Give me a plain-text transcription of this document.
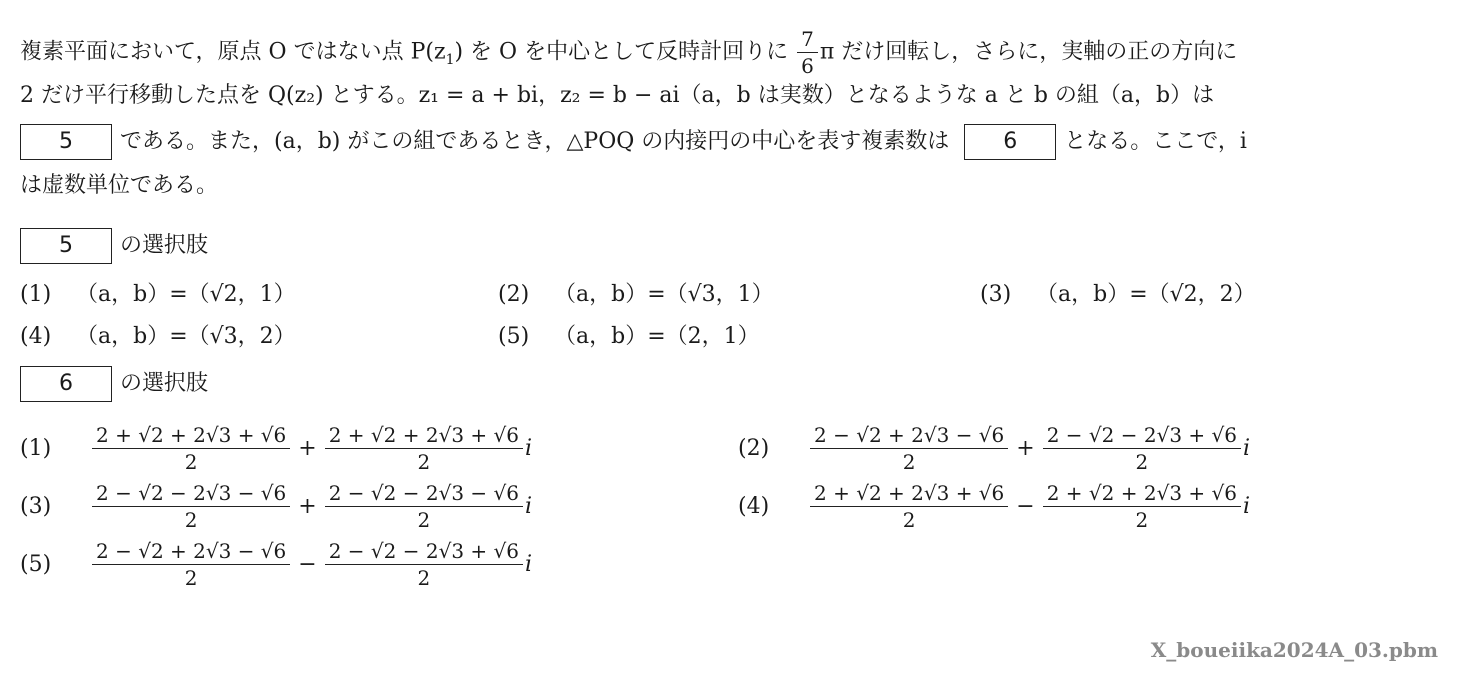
複素平面において，原点 O ではない点 $P(z_1)$ を O を中心として反時計回りに $\frac{7}{6}$ π だけ回転し，さらに，実軸の正の方向に
2 だけ平行移動した点を Q(z₂) とする。z₁ = a + bi，z₂ = b − ai（a，b は実数）となるような a と b の組（a，b）は
5 である。また，(a，b) がこの組であるとき，△POQ の内接円の中心を表す複素数は 6 となる。ここで，i
は虚数単位である。
5 の選択肢
(1) （a，b）=（√2，1）	(2) （a，b）=（√3，1）	(3) （a，b）=（√2，2）
(4) （a，b）=（√3，2）	(5) （a，b）=（2，1）
6 の選択肢
(1)	$\frac{2 + √2 + 2√3 + √6}{2} + \frac{2 + √2 + 2√3 + √6}{2}$ i	(2)	$\frac{2 - √2 + 2√3 - √6}{2} + \frac{2 - √2 - 2√3 + √6}{2}$ i
(3)	$\frac{2 - √2 - 2√3 - √6}{2} + \frac{2 - √2 - 2√3 - √6}{2}$ i	(4)	$\frac{2 + √2 + 2√3 + √6}{2} - \frac{2 + √2 + 2√3 + √6}{2}$ i
(5)	$\frac{2 - √2 + 2√3 - √6}{2} - \frac{2 - √2 - 2√3 + √6}{2}$ i
X_boueiika2024A_03.pbm
